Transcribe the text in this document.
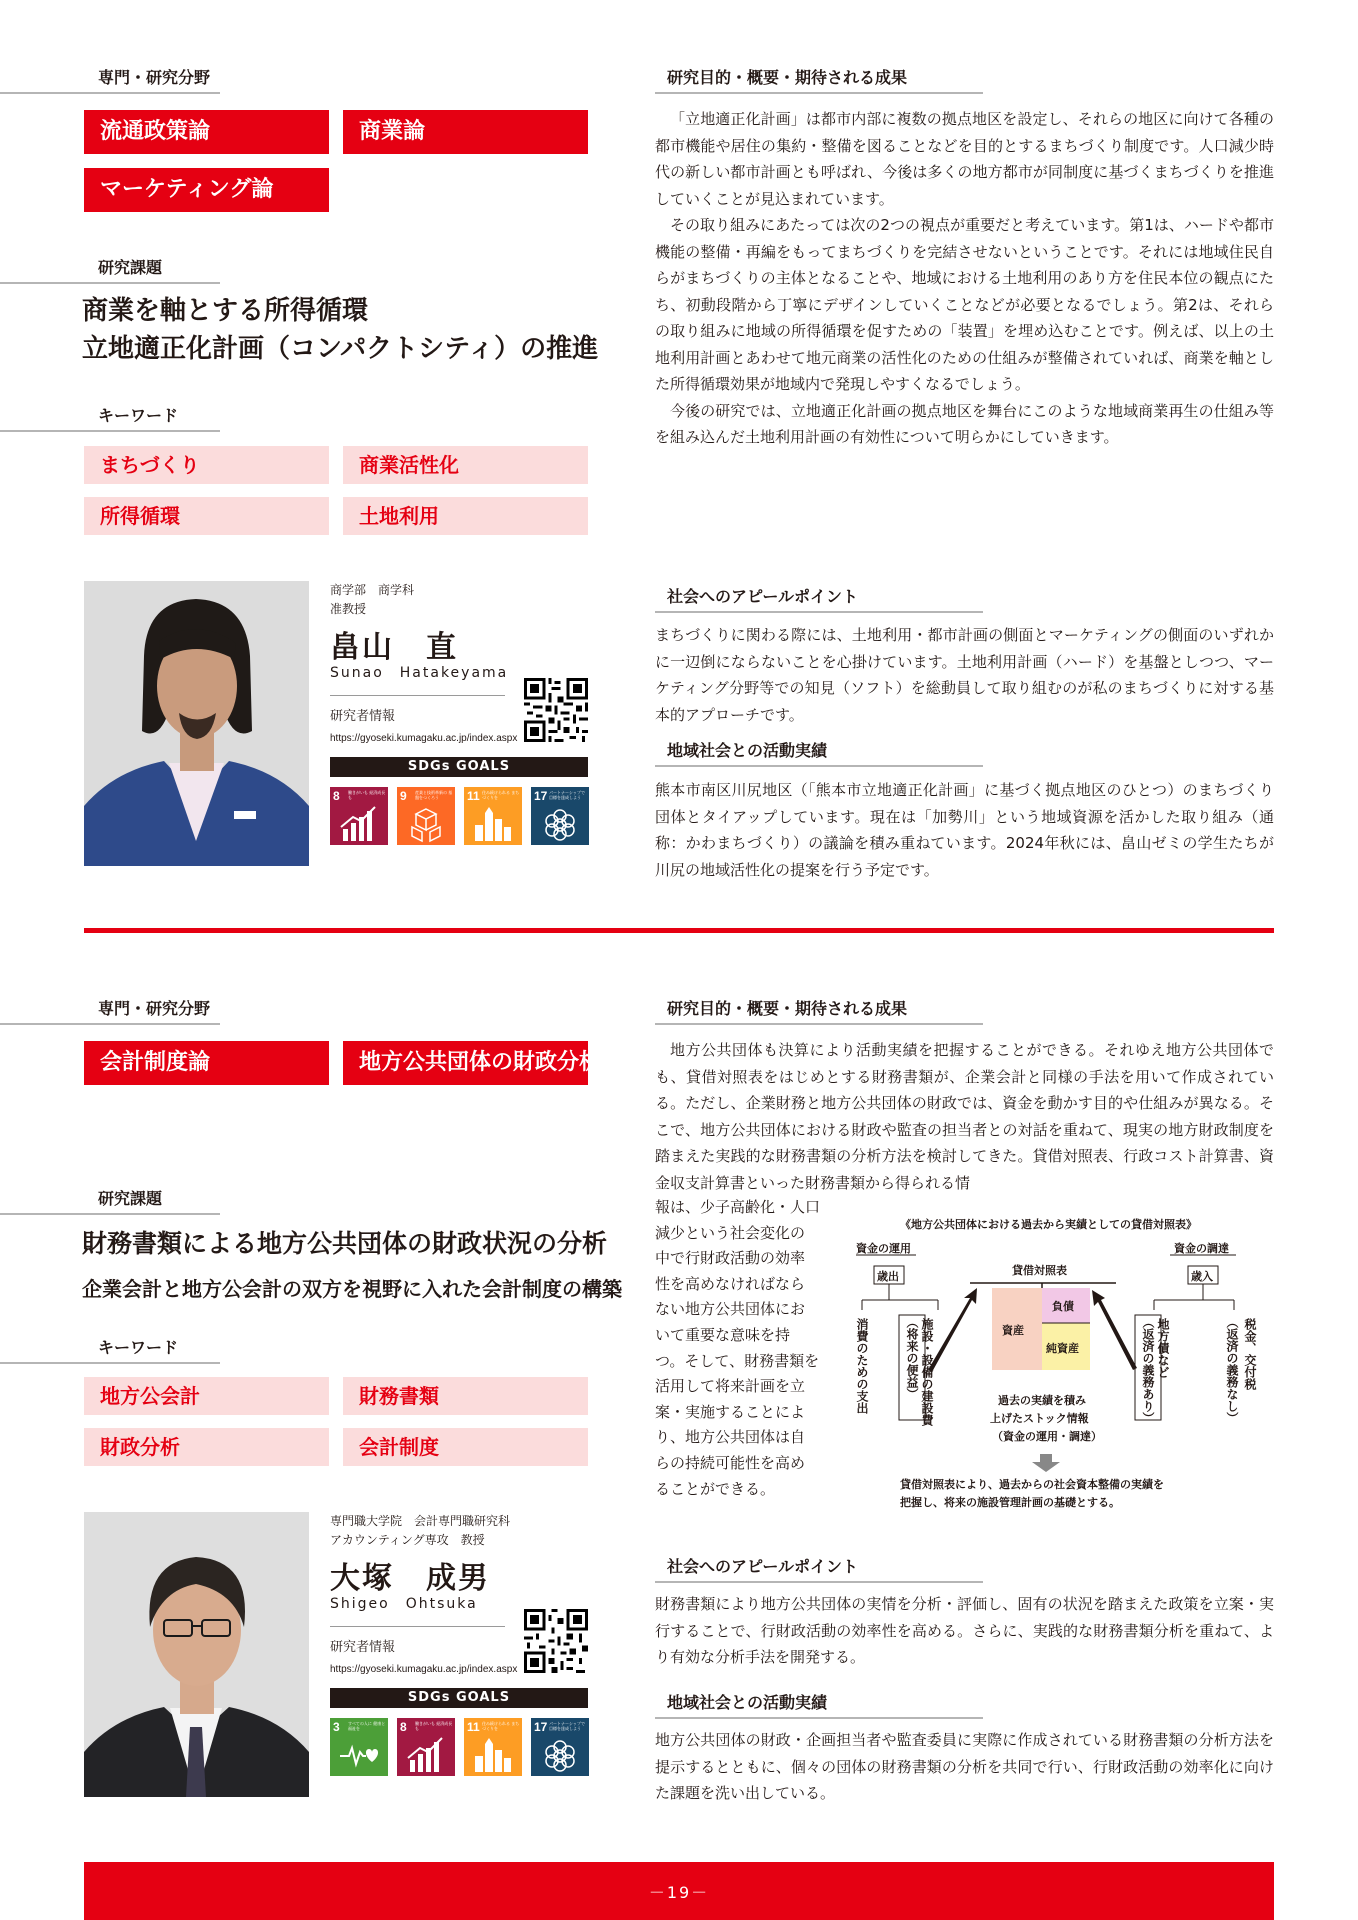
専門・研究分野
流通政策論	商業論
マーケティング論
研究課題
商業を軸とする所得循環
立地適正化計画（コンパクトシティ）の推進
キーワード
まちづくり	商業活性化
所得循環	土地利用
商学部　商学科
准教授
畠山　直
Sunao　Hatakeyama
研究者情報
https://gyoseki.kumagaku.ac.jp/index.aspx
SDGs GOALS
8 働きがいも 経済成長も	9 産業と技術革新の 基盤をつくろう	11 住み続けられる まちづくりを	17 パートナーシップで 目標を達成しよう
研究目的・概要・期待される成果

「立地適正化計画」は都市内部に複数の拠点地区を設定し、それらの地区に向けて各種の都市機能や居住の集約・整備を図ることなどを目的とするまちづくり制度です。人口減少時代の新しい都市計画とも呼ばれ、今後は多くの地方都市が同制度に基づくまちづくりを推進していくことが見込まれています。

その取り組みにあたっては次の2つの視点が重要だと考えています。第1は、ハードや都市機能の整備・再編をもってまちづくりを完結させないということです。それには地域住民自らがまちづくりの主体となることや、地域における土地利用のあり方を住民本位の観点にたち、初動段階から丁寧にデザインしていくことなどが必要となるでしょう。第2は、それらの取り組みに地域の所得循環を促すための「装置」を埋め込むことです。例えば、以上の土地利用計画とあわせて地元商業の活性化のための仕組みが整備されていれば、商業を軸とした所得循環効果が地域内で発現しやすくなるでしょう。

今後の研究では、立地適正化計画の拠点地区を舞台にこのような地域商業再生の仕組み等を組み込んだ土地利用計画の有効性について明らかにしていきます。

社会へのアピールポイント

まちづくりに関わる際には、土地利用・都市計画の側面とマーケティングの側面のいずれかに一辺倒にならないことを心掛けています。土地利用計画（ハード）を基盤としつつ、マーケティング分野等での知見（ソフト）を総動員して取り組むのが私のまちづくりに対する基本的アプローチです。

地域社会との活動実績

熊本市南区川尻地区（「熊本市立地適正化計画」に基づく拠点地区のひとつ）のまちづくり団体とタイアップしています。現在は「加勢川」という地域資源を活かした取り組み（通称：かわまちづくり）の議論を積み重ねています。2024年秋には、畠山ゼミの学生たちが川尻の地域活性化の提案を行う予定です。

専門・研究分野
会計制度論	地方公共団体の財政分析
研究課題
財務書類による地方公共団体の財政状況の分析
企業会計と地方公会計の双方を視野に入れた会計制度の構築
キーワード
地方公会計	財務書類
財政分析	会計制度
専門職大学院　会計専門職研究科
アカウンティング専攻　教授
大塚　成男
Shigeo　Ohtsuka
研究者情報
https://gyoseki.kumagaku.ac.jp/index.aspx
SDGs GOALS
3 すべての人に 健康と福祉を	8 働きがいも 経済成長も	11 住み続けられる まちづくりを	17 パートナーシップで 目標を達成しよう
研究目的・概要・期待される成果

地方公共団体も決算により活動実績を把握することができる。それゆえ地方公共団体でも、貸借対照表をはじめとする財務書類が、企業会計と同様の手法を用いて作成されている。ただし、企業財務と地方公共団体の財政では、資金を動かす目的や仕組みが異なる。そこで、地方公共団体における財政や監査の担当者との対話を重ねて、現実の地方財政制度を踏まえた実践的な財務書類の分析方法を検討してきた。貸借対照表、行政コスト計算書、資金収支計算書といった財務書類から得られる情

報は、少子高齢化・人口
減少という社会変化の
中で行財政活動の効率
性を高めなければなら
ない地方公共団体にお
いて重要な意味を持
つ。そして、財務書類を
活用して将来計画を立
案・実施することによ
り、地方公共団体は自
らの持続可能性を高め
ることができる。
《地方公共団体における過去から実績としての貸借対照表》
資金の運用
歳出	貸借対照表
資金の調達
歳入
資産
負債
純資産
消費のための支出	施設・設備の建設費
（将来の便益）	地方債など
（返済の義務あり）	税金、交付税
（返済の義務なし）
過去の実績を積み
上げたストック情報
（資金の運用・調達）
貸借対照表により、過去からの社会資本整備の実績を
把握し、将来の施設管理計画の基礎とする。
社会へのアピールポイント

財務書類により地方公共団体の実情を分析・評価し、固有の状況を踏まえた政策を立案・実行することで、行財政活動の効率性を高める。さらに、実践的な財務書類分析を重ねて、より有効な分析手法を開発する。

地域社会との活動実績

地方公共団体の財政・企画担当者や監査委員に実際に作成されている財務書類の分析方法を提示するとともに、個々の団体の財務書類の分析を共同で行い、行財政活動の効率化に向けた課題を洗い出している。

－19－
